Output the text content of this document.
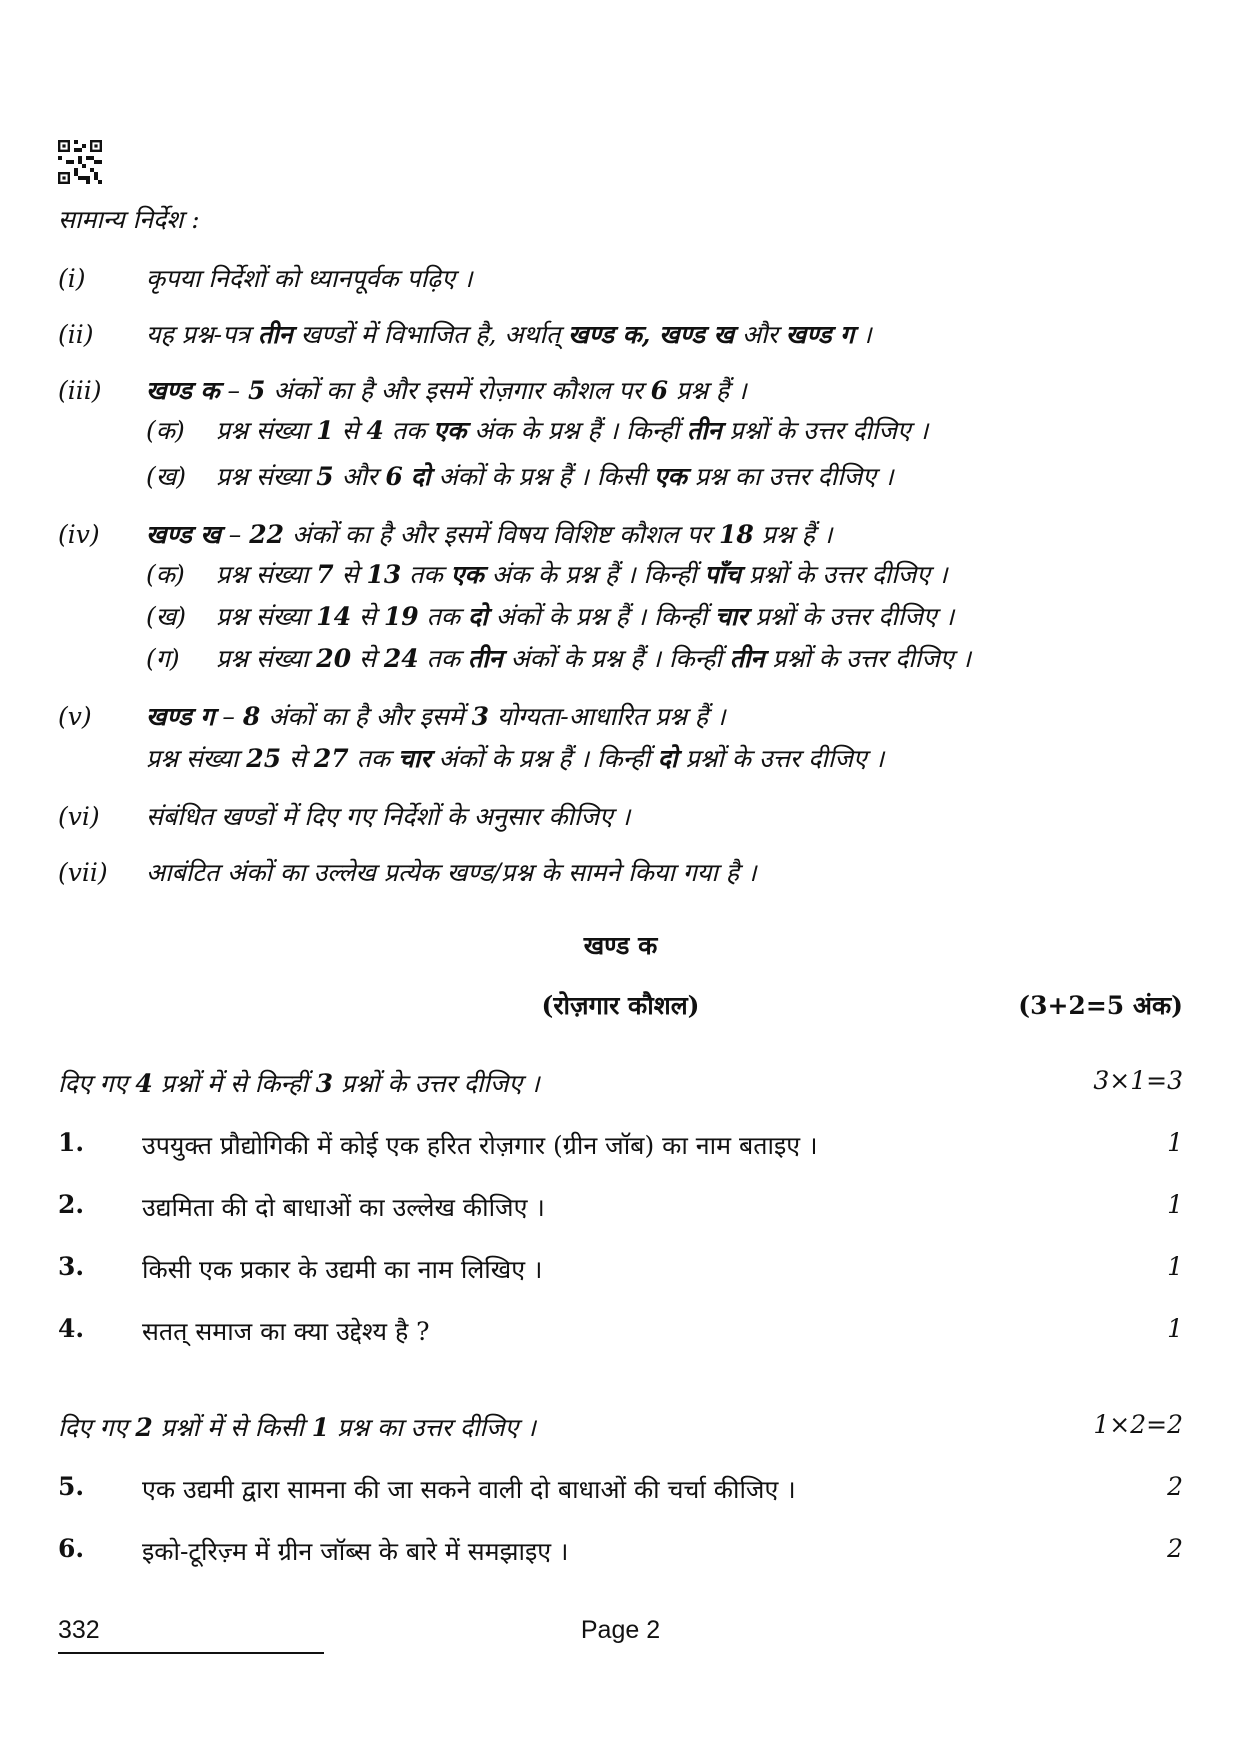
सामान्य निर्देश :
(i)	कृपया निर्देशों को ध्यानपूर्वक पढ़िए ।
(ii)	यह प्रश्न-पत्र तीन खण्डों में विभाजित है, अर्थात् खण्ड क, खण्ड ख और खण्ड ग ।
(iii)	खण्ड क – 5 अंकों का है और इसमें रोज़गार कौशल पर 6 प्रश्न हैं ।
(क) प्रश्न संख्या 1 से 4 तक एक अंक के प्रश्न हैं । किन्हीं तीन प्रश्नों के उत्तर दीजिए ।
(ख) प्रश्न संख्या 5 और 6 दो अंकों के प्रश्न हैं । किसी एक प्रश्न का उत्तर दीजिए ।
(iv)	खण्ड ख – 22 अंकों का है और इसमें विषय विशिष्ट कौशल पर 18 प्रश्न हैं ।
(क) प्रश्न संख्या 7 से 13 तक एक अंक के प्रश्न हैं । किन्हीं पाँच प्रश्नों के उत्तर दीजिए ।
(ख) प्रश्न संख्या 14 से 19 तक दो अंकों के प्रश्न हैं । किन्हीं चार प्रश्नों के उत्तर दीजिए ।
(ग) प्रश्न संख्या 20 से 24 तक तीन अंकों के प्रश्न हैं । किन्हीं तीन प्रश्नों के उत्तर दीजिए ।
(v)	खण्ड ग – 8 अंकों का है और इसमें 3 योग्यता-आधारित प्रश्न हैं ।
प्रश्न संख्या 25 से 27 तक चार अंकों के प्रश्न हैं । किन्हीं दो प्रश्नों के उत्तर दीजिए ।
(vi)	संबंधित खण्डों में दिए गए निर्देशों के अनुसार कीजिए ।
(vii)	आबंटित अंकों का उल्लेख प्रत्येक खण्ड/प्रश्न के सामने किया गया है ।
खण्ड क
(रोज़गार कौशल)	(3+2=5 अंक)
दिए गए 4 प्रश्नों में से किन्हीं 3 प्रश्नों के उत्तर दीजिए ।	3×1=3
1. उपयुक्त प्रौद्योगिकी में कोई एक हरित रोज़गार (ग्रीन जॉब) का नाम बताइए ।	1
2. उद्यमिता की दो बाधाओं का उल्लेख कीजिए ।	1
3. किसी एक प्रकार के उद्यमी का नाम लिखिए ।	1
4. सतत् समाज का क्या उद्देश्य है ?	1
दिए गए 2 प्रश्नों में से किसी 1 प्रश्न का उत्तर दीजिए ।	1×2=2
5. एक उद्यमी द्वारा सामना की जा सकने वाली दो बाधाओं की चर्चा कीजिए ।	2
6. इको-टूरिज़्म में ग्रीन जॉब्स के बारे में समझाइए ।	2
332	Page 2
